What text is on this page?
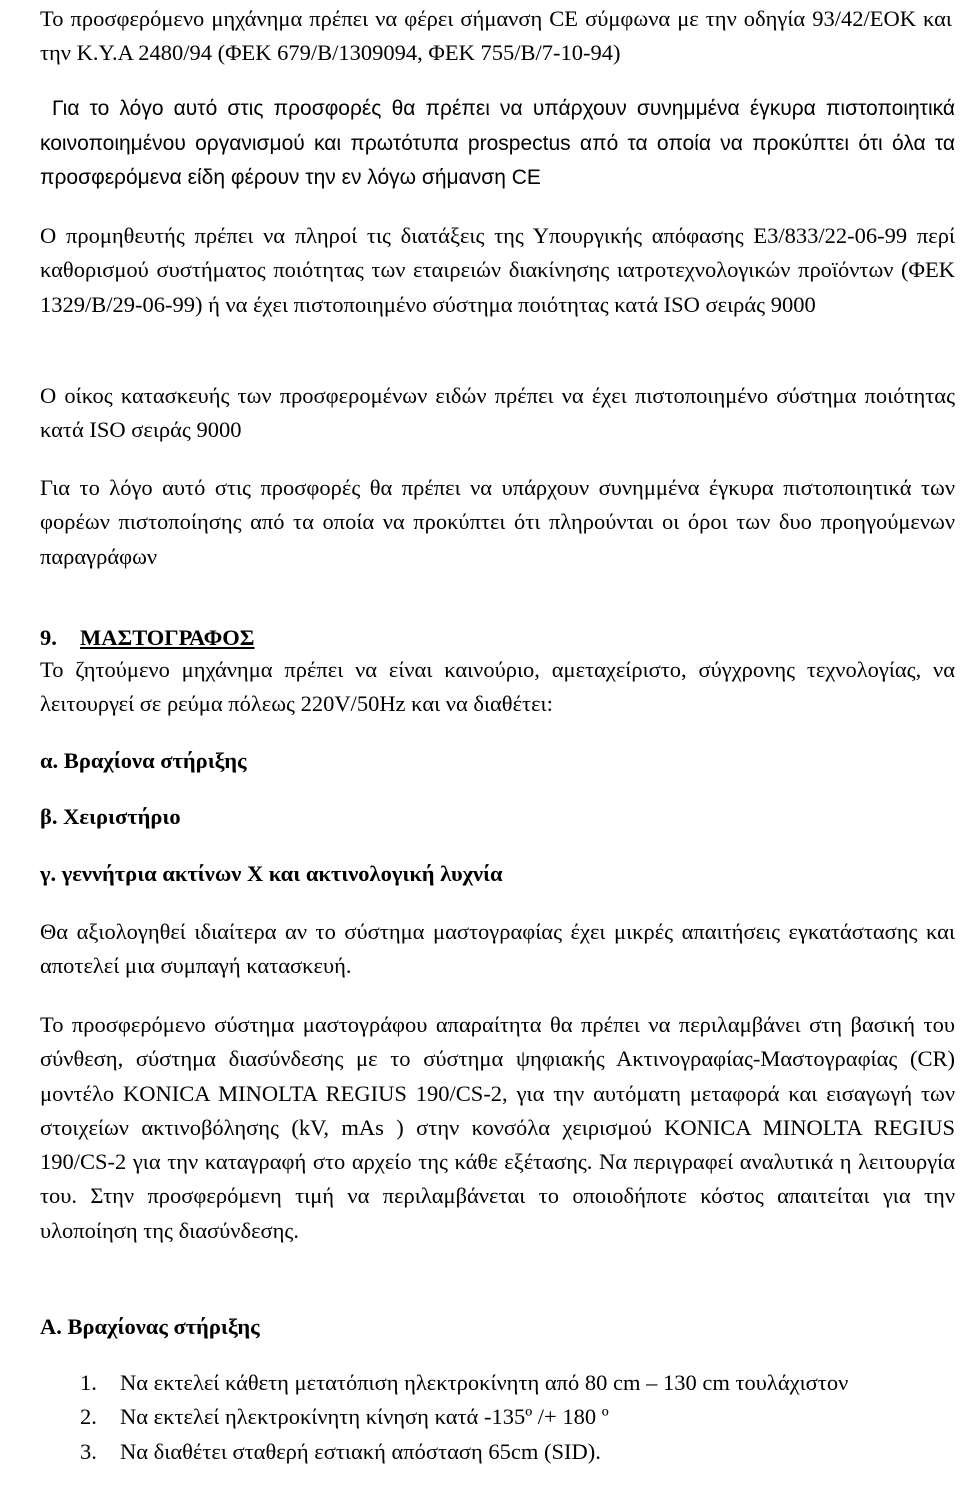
Το προσφερόμενο μηχάνημα πρέπει να φέρει σήμανση CE σύμφωνα με την οδηγία 93/42/ΕΟΚ και την Κ.Υ.Α 2480/94 (ΦΕΚ 679/Β/1309094, ΦΕΚ 755/Β/7-10-94)

Για το λόγο αυτό στις προσφορές θα πρέπει να υπάρχουν συνημμένα έγκυρα πιστοποιητικά κοινοποιημένου οργανισμού και πρωτότυπα prospectus από τα οποία να προκύπτει ότι όλα τα προσφερόμενα είδη φέρουν την εν λόγω σήμανση CE

Ο προμηθευτής πρέπει να πληροί τις διατάξεις της Υπουργικής απόφασης Ε3/833/22-06-99 περί καθορισμού συστήματος ποιότητας των εταιρειών διακίνησης ιατροτεχνολογικών προϊόντων (ΦΕΚ 1329/Β/29-06-99) ή να έχει πιστοποιημένο σύστημα ποιότητας κατά ISO σειράς 9000

Ο οίκος κατασκευής των προσφερομένων ειδών πρέπει να έχει πιστοποιημένο σύστημα ποιότητας κατά ISO σειράς 9000

Για το λόγο αυτό στις προσφορές θα πρέπει να υπάρχουν συνημμένα έγκυρα πιστοποιητικά των φορέων πιστοποίησης από τα οποία να προκύπτει ότι πληρούνται οι όροι των δυο προηγούμενων παραγράφων

9. ΜΑΣΤΟΓΡΑΦΟΣ

Το ζητούμενο μηχάνημα πρέπει να είναι καινούριο, αμεταχείριστο, σύγχρονης τεχνολογίας, να λειτουργεί σε ρεύμα πόλεως 220V/50Hz και να διαθέτει:

α. Βραχίονα στήριξης

β. Χειριστήριο

γ. γεννήτρια ακτίνων Χ και ακτινολογική λυχνία

Θα αξιολογηθεί ιδιαίτερα αν το σύστημα μαστογραφίας έχει μικρές απαιτήσεις εγκατάστασης και αποτελεί μια συμπαγή κατασκευή.

Το προσφερόμενο σύστημα μαστογράφου απαραίτητα θα πρέπει να περιλαμβάνει στη βασική του σύνθεση, σύστημα διασύνδεσης με το σύστημα ψηφιακής Ακτινογραφίας-Μαστογραφίας (CR) μοντέλο KONICA MINOLTA REGIUS 190/CS-2, για την αυτόματη μεταφορά και εισαγωγή των στοιχείων ακτινοβόλησης (kV, mAs ) στην κονσόλα χειρισμού KONICA MINOLTA REGIUS 190/CS-2 για την καταγραφή στο αρχείο της κάθε εξέτασης. Να περιγραφεί αναλυτικά η λειτουργία του. Στην προσφερόμενη τιμή να περιλαμβάνεται το οποιοδήποτε κόστος απαιτείται για την υλοποίηση της διασύνδεσης.

Α. Βραχίονας στήριξης

1.	Να εκτελεί κάθετη μετατόπιση ηλεκτροκίνητη από 80 cm – 130 cm τουλάχιστον
2.	Να εκτελεί ηλεκτροκίνητη κίνηση κατά -135º /+ 180 º
3.	Να διαθέτει σταθερή εστιακή απόσταση 65cm (SID).
